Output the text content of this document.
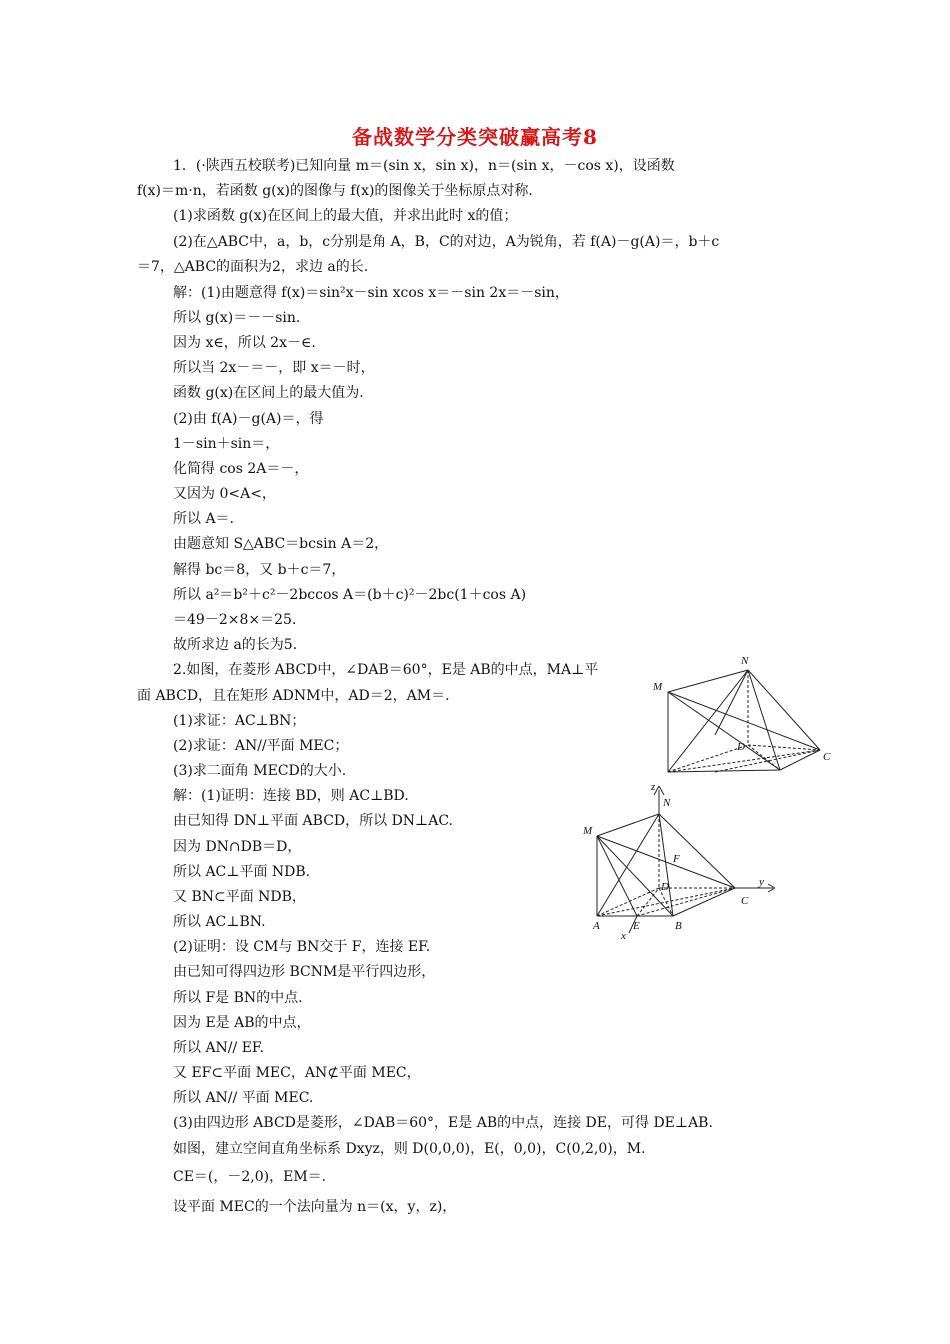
备战数学分类突破赢高考8
1．(·陕西五校联考)已知向量 m＝(sin x，sin x)，n＝(sin x，－cos x)，设函数
f(x)＝m·n，若函数 g(x)的图像与 f(x)的图像关于坐标原点对称.
(1)求函数 g(x)在区间上的最大值，并求出此时 x的值；
(2)在△ABC中，a，b，c分别是角 A，B，C的对边，A为锐角，若 f(A)－g(A)＝，b＋c
＝7，△ABC的面积为2，求边 a的长.
解：(1)由题意得 f(x)＝sin²x－sin xcos x＝－sin 2x＝－sin，
所以 g(x)＝－－sin.
因为 x∈，所以 2x－∈.
所以当 2x－＝－，即 x＝－时，
函数 g(x)在区间上的最大值为.
(2)由 f(A)－g(A)＝，得
1－sin＋sin＝，
化简得 cos 2A＝－，
又因为 0<A<，
所以 A＝.
由题意知 S△ABC＝bcsin A＝2，
解得 bc＝8，又 b＋c＝7，
所以 a²＝b²＋c²－2bccos A＝(b＋c)²－2bc(1＋cos A)
＝49－2×8×＝25.
故所求边 a的长为5.
2.如图，在菱形 ABCD中，∠DAB＝60°，E是 AB的中点，MA⊥平
面 ABCD，且在矩形 ADNM中，AD＝2，AM＝.
(1)求证：AC⊥BN；
(2)求证：AN//平面 MEC；
(3)求二面角 MECD的大小.
解：(1)证明：连接 BD，则 AC⊥BD.
由已知得 DN⊥平面 ABCD，所以 DN⊥AC.
因为 DN∩DB＝D，
所以 AC⊥平面 NDB.
又 BN⊂平面 NDB，
所以 AC⊥BN.
(2)证明：设 CM与 BN交于 F，连接 EF.
由已知可得四边形 BCNM是平行四边形，
所以 F是 BN的中点.
因为 E是 AB的中点，
所以 AN// EF.
又 EF⊂平面 MEC，AN⊄平面 MEC，
所以 AN// 平面 MEC.
(3)由四边形 ABCD是菱形，∠DAB＝60°，E是 AB的中点，连接 DE，可得 DE⊥AB.
如图，建立空间直角坐标系 Dxyz，则 D(0,0,0)，E(，0,0)，C(0,2,0)，M.
CE＝(，－2,0)，EM＝.
设平面 MEC的一个法向量为 n＝(x，y，z)，
M
N
D
C
z
N
M
F
D	y
C
A	E	B
x
